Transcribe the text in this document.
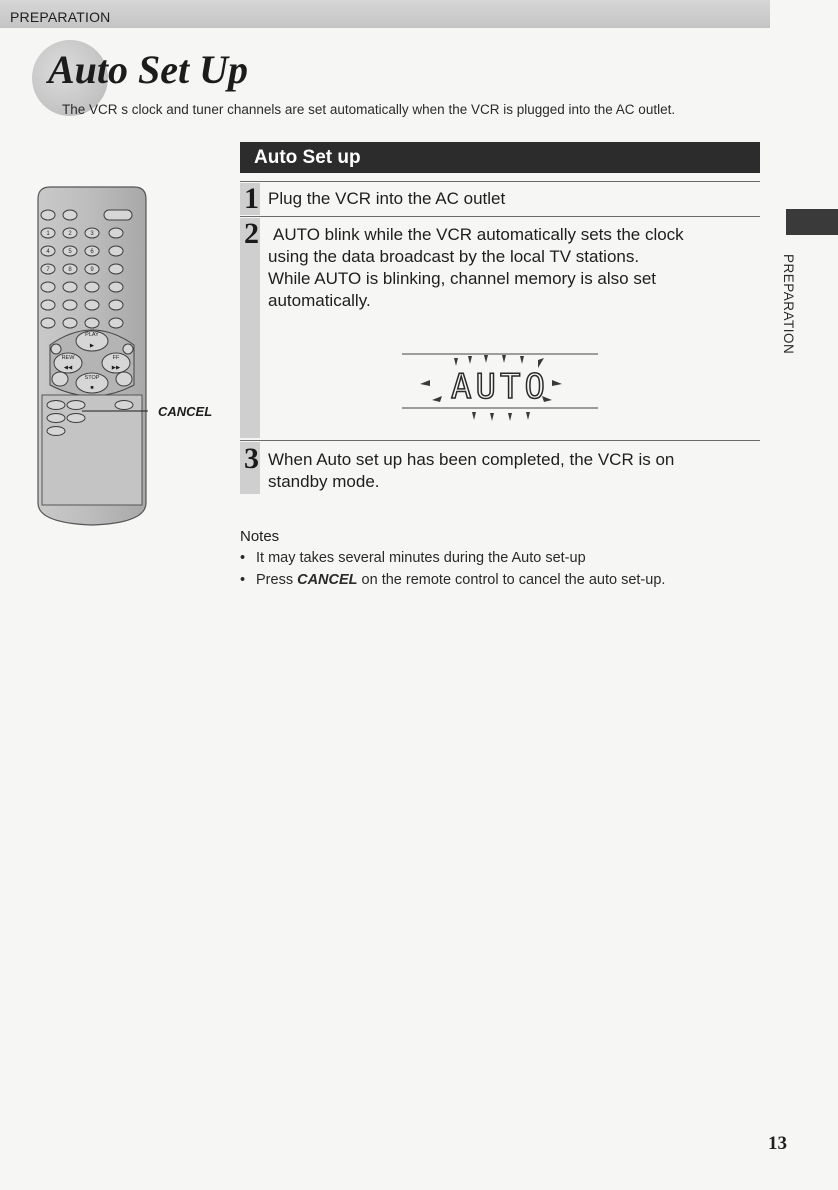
PREPARATION
Auto Set Up
The VCR s clock and tuner channels are set automatically when the VCR is plugged into the AC outlet.
PREPARATION
1	2	3
4	5	6
7	8	9
PLAY
REW	FF
STOP
◀◀	▶▶
▶
■
CANCEL
Auto Set up
1
2
3
Plug the VCR into the AC outlet
AUTO blink while the VCR automatically sets the clock
using the data broadcast by the local TV stations.
While AUTO is blinking, channel memory is also set
automatically.
When Auto set up has been completed, the VCR is on
standby mode.
AUTO
Notes
• It may takes several minutes during the Auto set-up
• Press CANCEL on the remote control to cancel the auto set-up.
13
